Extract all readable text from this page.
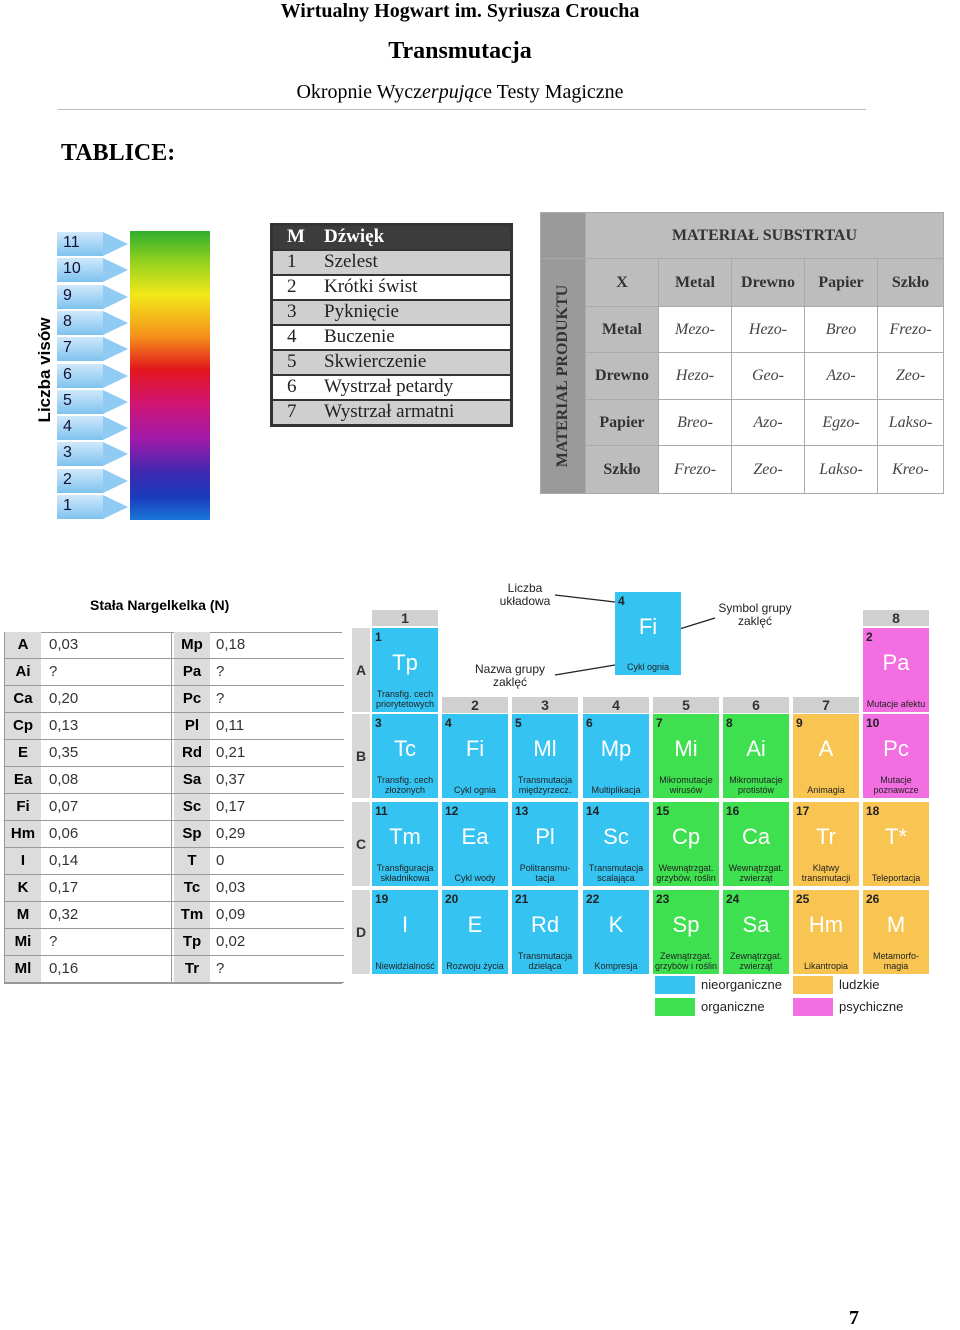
Wirtualny Hogwart im. Syriusza Croucha
Transmutacja
Okropnie Wyczerpujące Testy Magiczne
TABLICE:
Liczba visów
11
10
9
8
7
6
5
4
3
2
1
M Dźwięk
1 Szelest
2 Krótki świst
3 Pyknięcie
4 Buczenie
5 Skwierczenie
6 Wystrzał petardy
7 Wystrzał armatni
MATERIAŁ SUBSTRTAU
MATERIAŁ PRODUKTU
X	Metal	Drewno	Papier	Szkło
Metal	Mezo-	Hezo-	Breo	Frezo-
Drewno	Hezo-	Geo-	Azo-	Zeo-
Papier	Breo-	Azo-	Egzo-	Lakso-
Szkło	Frezo-	Zeo-	Lakso-	Kreo-
Stała Nargelkelka (N)
A	0,03	Mp 0,18
Ai	?	Pa ?
Ca	0,20	Pc ?
Cp	0,13	Pl	0,11
E	0,35	Rd 0,21
Ea	0,08	Sa 0,37
Fi	0,07	Sc 0,17
Hm 0,06	Sp 0,29
I	0,14	T	0
K	0,17	Tc	0,03
M	0,32	Tm 0,09
Mi	?	Tp 0,02
Ml	0,16	Tr	?
Liczba układowa	Symbol grupy zaklęć
Nazwa grupy zaklęć
4
Fi
Cykl ognia
1	8
2	3	4	5	6	7
A
B
C
D
1
Tp
Transfig. cech priorytetowych
2
Pa
Mutacje afektu
3
Tc
Transfig. cech złożonych
4
Fi
Cykl ognia
5
Ml
Transmutacja międzyrzecz.
6
Mp
Multiplikacja
7
Mi
Mikromutacje wirusów
8
Ai
Mikromutacje protistów
9
A
Animagia
10
Pc
Mutacje poznawcze
11
Tm
Transfiguracja składnikowa
12
Ea
Cykl wody
13
Pl
Politransmu-tacja
14
Sc
Transmutacja scalająca
15
Cp
Wewnątrzgat. grzybów, roślin
16
Ca
Wewnątrzgat. zwierząt
17
Tr
Klątwy transmutacji
18
T*
Teleportacja
19
I
Niewidzialność
20
E
Rozwoju życia
21
Rd
Transmutacja dzieląca
22
K
Kompresja
23
Sp
Zewnątrzgat. grzybów i roślin
24
Sa
Zewnątrzgat. zwierząt
25
Hm
Likantropia
26
M
Metamorfo-magia
nieorganiczne
organiczne
ludzkie
psychiczne
7
